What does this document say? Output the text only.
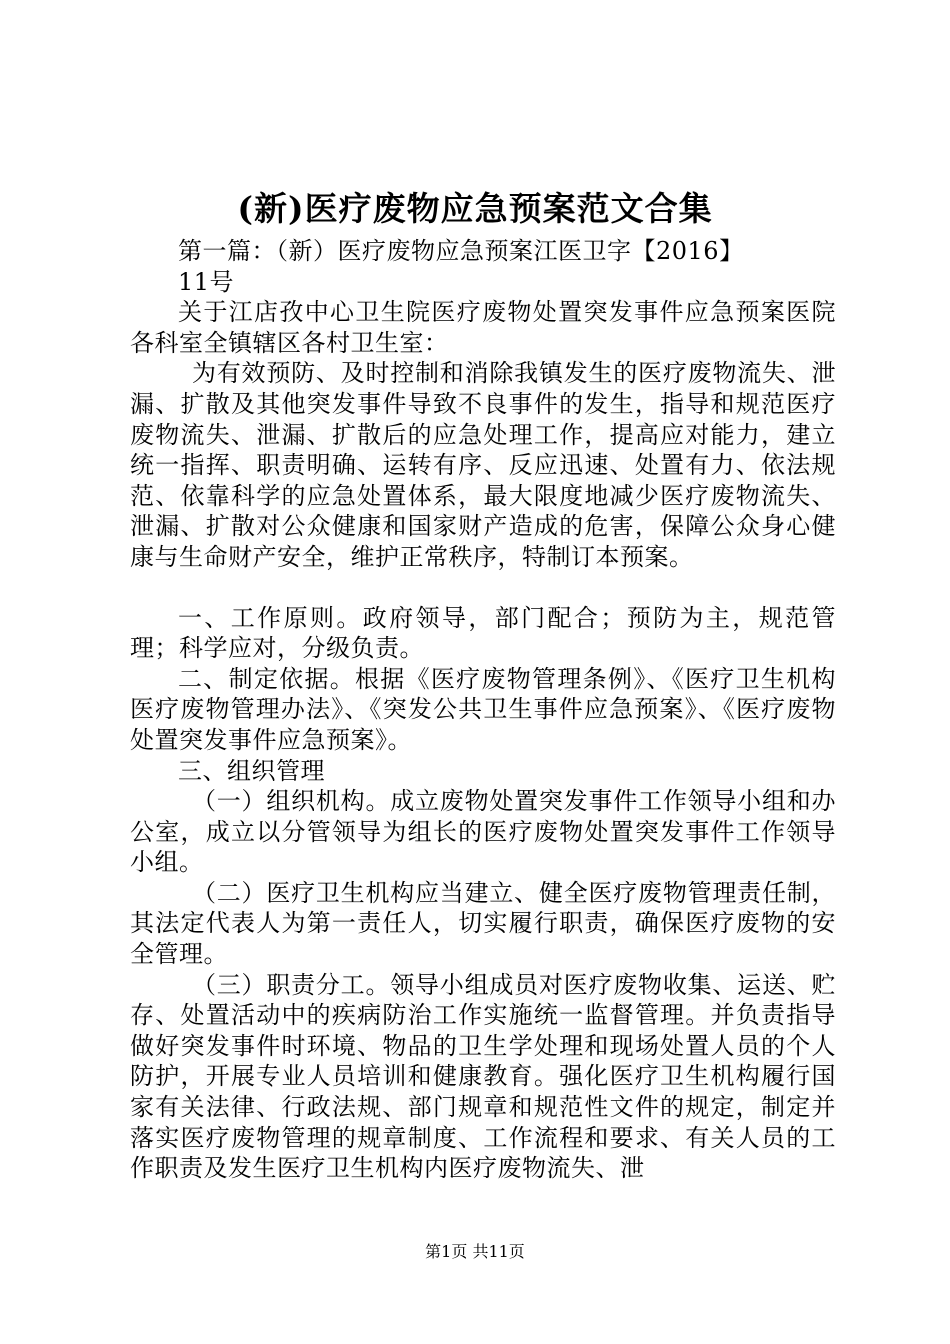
(新)医疗废物应急预案范文合集

第一篇：（新）医疗废物应急预案江医卫字【2016】

11号

关于江店孜中心卫生院医疗废物处置突发事件应急预案医院各科室全镇辖区各村卫生室：

为有效预防、及时控制和消除我镇发生的医疗废物流失、泄漏、扩散及其他突发事件导致不良事件的发生，指导和规范医疗废物流失、泄漏、扩散后的应急处理工作，提高应对能力，建立统一指挥、职责明确、运转有序、反应迅速、处置有力、依法规范、依靠科学的应急处置体系，最大限度地减少医疗废物流失、泄漏、扩散对公众健康和国家财产造成的危害，保障公众身心健康与生命财产安全，维护正常秩序，特制订本预案。

一、工作原则。政府领导，部门配合；预防为主，规范管理；科学应对，分级负责。

二、制定依据。根据《医疗废物管理条例》、《医疗卫生机构医疗废物管理办法》、《突发公共卫生事件应急预案》、《医疗废物处置突发事件应急预案》。

三、组织管理

（一）组织机构。成立废物处置突发事件工作领导小组和办公室，成立以分管领导为组长的医疗废物处置突发事件工作领导小组。

（二）医疗卫生机构应当建立、健全医疗废物管理责任制，其法定代表人为第一责任人，切实履行职责，确保医疗废物的安全管理。

（三）职责分工。领导小组成员对医疗废物收集、运送、贮存、处置活动中的疾病防治工作实施统一监督管理。并负责指导做好突发事件时环境、物品的卫生学处理和现场处置人员的个人防护，开展专业人员培训和健康教育。强化医疗卫生机构履行国家有关法律、行政法规、部门规章和规范性文件的规定，制定并落实医疗废物管理的规章制度、工作流程和要求、有关人员的工作职责及发生医疗卫生机构内医疗废物流失、泄

第1页 共11页
